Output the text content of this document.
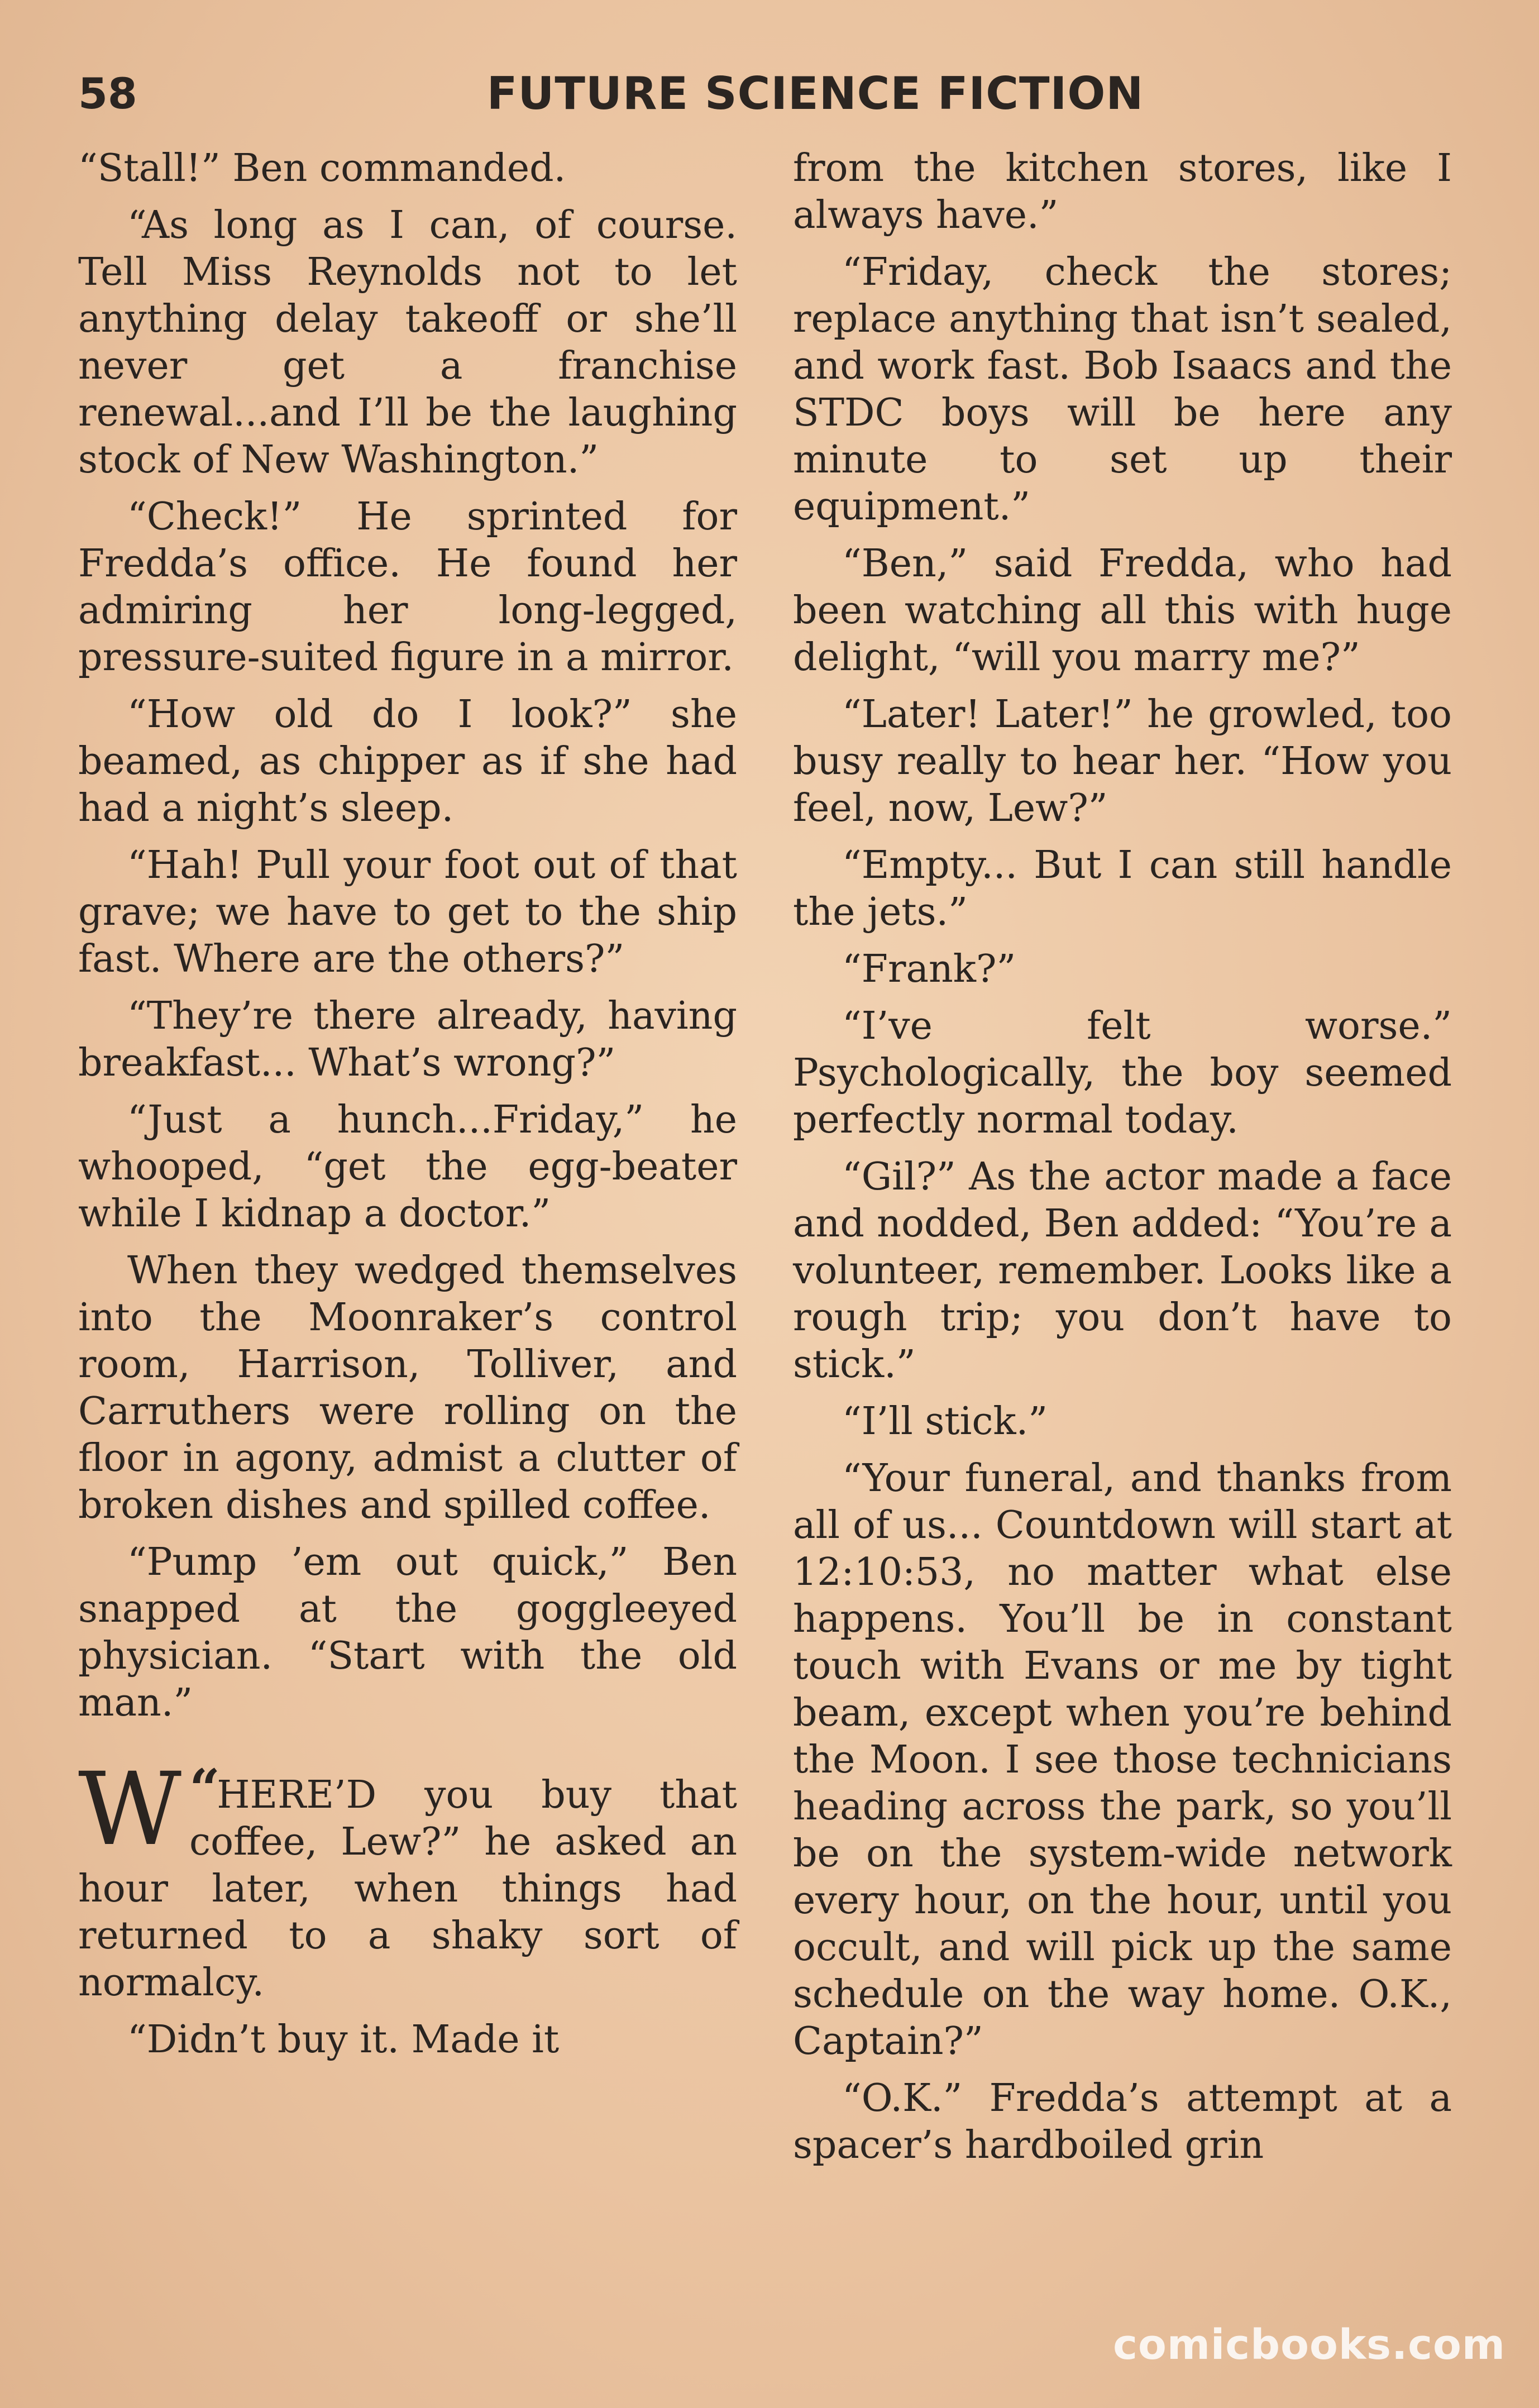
58	FUTURE SCIENCE FICTION

“Stall!” Ben commanded.

“As long as I can, of course. Tell Miss Reynolds not to let anything delay takeoff or she’ll never get a franchise renewal...and I’ll be the laughing stock of New Washington.”

“Check!” He sprinted for Fredda’s office. He found her admiring her long-legged, pressure-suited figure in a mirror.

“How old do I look?” she beamed, as chipper as if she had had a night’s sleep.

“Hah! Pull your foot out of that grave; we have to get to the ship fast. Where are the others?”

“They’re there already, having breakfast... What’s wrong?”

“Just a hunch...Friday,” he whooped, “get the egg-beater while I kidnap a doctor.”

When they wedged themselves into the Moonraker’s control room, Harrison, Tolliver, and Carruthers were rolling on the floor in agony, admist a clutter of broken dishes and spilled coffee.

“Pump ’em out quick,” Ben snapped at the goggleeyed physician. “Start with the old man.”

“
W HERE’D you buy that coffee, Lew?” he asked an hour later, when things had returned to a shaky sort of normalcy.

“Didn’t buy it. Made it

from the kitchen stores, like I always have.”

“Friday, check the stores; replace anything that isn’t sealed, and work fast. Bob Isaacs and the STDC boys will be here any minute to set up their equipment.”

“Ben,” said Fredda, who had been watching all this with huge delight, “will you marry me?”

“Later! Later!” he growled, too busy really to hear her. “How you feel, now, Lew?”

“Empty... But I can still handle the jets.”

“Frank?”

“I’ve felt worse.” Psychologically, the boy seemed perfectly normal today.

“Gil?” As the actor made a face and nodded, Ben added: “You’re a volunteer, remember. Looks like a rough trip; you don’t have to stick.”

“I’ll stick.”

“Your funeral, and thanks from all of us... Countdown will start at 12:10:53, no matter what else happens. You’ll be in constant touch with Evans or me by tight beam, except when you’re behind the Moon. I see those technicians heading across the park, so you’ll be on the system-wide network every hour, on the hour, until you occult, and will pick up the same schedule on the way home. O.K., Captain?”

“O.K.” Fredda’s attempt at a spacer’s hardboiled grin

comicbooks.com
